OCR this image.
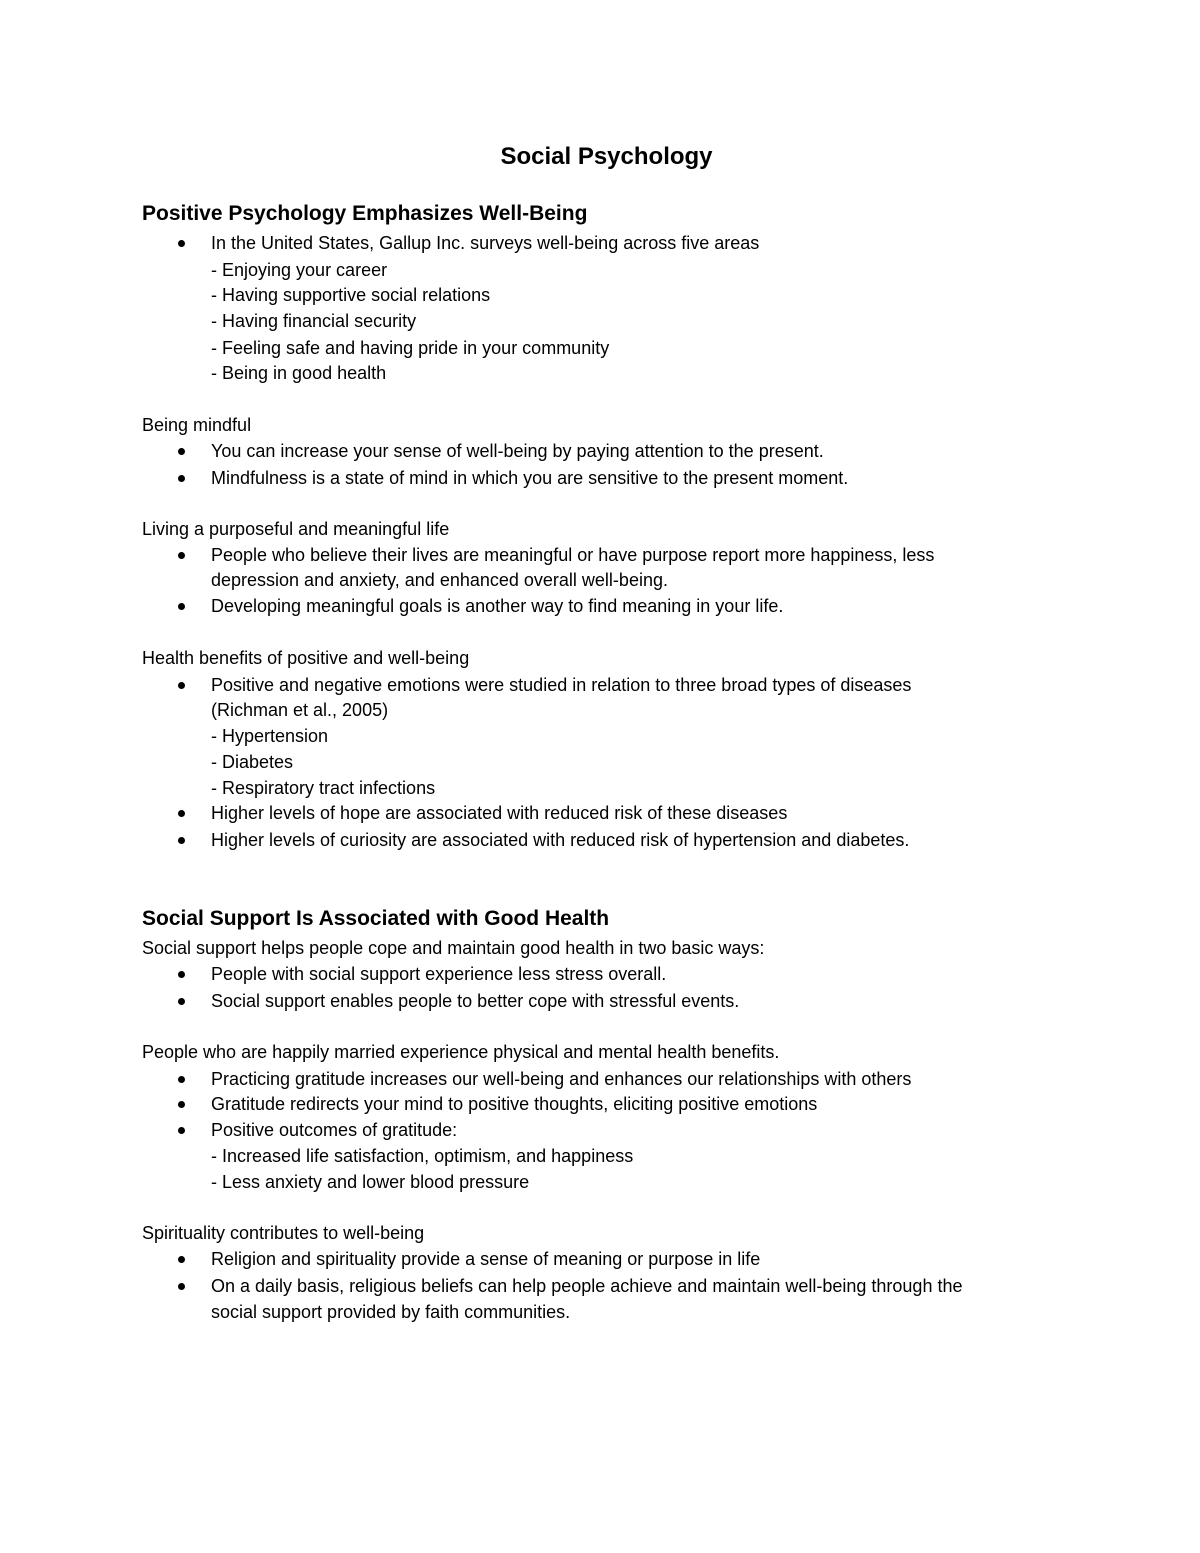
Social Psychology
Positive Psychology Emphasizes Well-Being

In the United States, Gallup Inc. surveys well-being across five areas

- Enjoying your career

- Having supportive social relations

- Having financial security

- Feeling safe and having pride in your community

- Being in good health

Being mindful

You can increase your sense of well-being by paying attention to the present.

Mindfulness is a state of mind in which you are sensitive to the present moment.

Living a purposeful and meaningful life

People who believe their lives are meaningful or have purpose report more happiness, less

depression and anxiety, and enhanced overall well-being.

Developing meaningful goals is another way to find meaning in your life.

Health benefits of positive and well-being

Positive and negative emotions were studied in relation to three broad types of diseases

(Richman et al., 2005)

- Hypertension

- Diabetes

- Respiratory tract infections

Higher levels of hope are associated with reduced risk of these diseases

Higher levels of curiosity are associated with reduced risk of hypertension and diabetes.

Social Support Is Associated with Good Health

Social support helps people cope and maintain good health in two basic ways:

People with social support experience less stress overall.

Social support enables people to better cope with stressful events.

People who are happily married experience physical and mental health benefits.

Practicing gratitude increases our well-being and enhances our relationships with others

Gratitude redirects your mind to positive thoughts, eliciting positive emotions

Positive outcomes of gratitude:

- Increased life satisfaction, optimism, and happiness

- Less anxiety and lower blood pressure

Spirituality contributes to well-being

Religion and spirituality provide a sense of meaning or purpose in life

On a daily basis, religious beliefs can help people achieve and maintain well-being through the

social support provided by faith communities.
